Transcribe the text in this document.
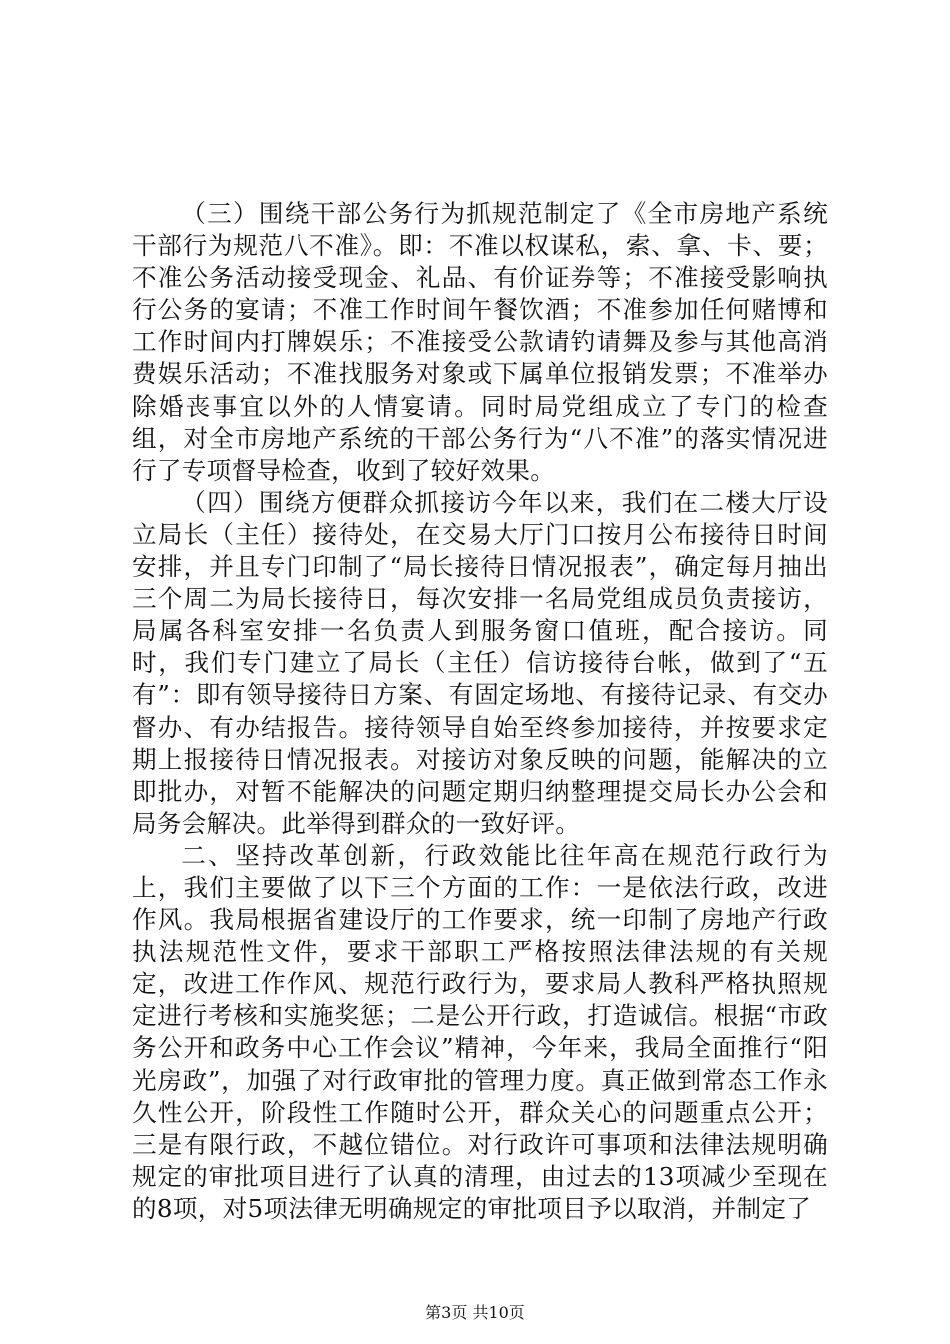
（三）围绕干部公务行为抓规范制定了《全市房地产系统干部行为规范八不准》。即：不准以权谋私，索、拿、卡、要；不准公务活动接受现金、礼品、有价证券等；不准接受影响执行公务的宴请；不准工作时间午餐饮酒；不准参加任何赌博和工作时间内打牌娱乐；不准接受公款请钓请舞及参与其他高消费娱乐活动；不准找服务对象或下属单位报销发票；不准举办除婚丧事宜以外的人情宴请。同时局党组成立了专门的检查组，对全市房地产系统的干部公务行为“八不准”的落实情况进行了专项督导检查，收到了较好效果。

（四）围绕方便群众抓接访今年以来，我们在二楼大厅设立局长（主任）接待处，在交易大厅门口按月公布接待日时间安排，并且专门印制了“局长接待日情况报表”，确定每月抽出三个周二为局长接待日，每次安排一名局党组成员负责接访，局属各科室安排一名负责人到服务窗口值班，配合接访。同时，我们专门建立了局长（主任）信访接待台帐，做到了“五有”：即有领导接待日方案、有固定场地、有接待记录、有交办督办、有办结报告。接待领导自始至终参加接待，并按要求定期上报接待日情况报表。对接访对象反映的问题，能解决的立即批办，对暂不能解决的问题定期归纳整理提交局长办公会和局务会解决。此举得到群众的一致好评。

二、坚持改革创新，行政效能比往年高在规范行政行为上，我们主要做了以下三个方面的工作：一是依法行政，改进作风。我局根据省建设厅的工作要求，统一印制了房地产行政执法规范性文件，要求干部职工严格按照法律法规的有关规定，改进工作作风、规范行政行为，要求局人教科严格执照规定进行考核和实施奖惩；二是公开行政，打造诚信。根据“市政务公开和政务中心工作会议”精神，今年来，我局全面推行“阳光房政”，加强了对行政审批的管理力度。真正做到常态工作永久性公开，阶段性工作随时公开，群众关心的问题重点公开；三是有限行政，不越位错位。对行政许可事项和法律法规明确规定的审批项目进行了认真的清理，由过去的13项减少至现在的8项，对5项法律无明确规定的审批项目予以取消，并制定了

第3页 共10页
